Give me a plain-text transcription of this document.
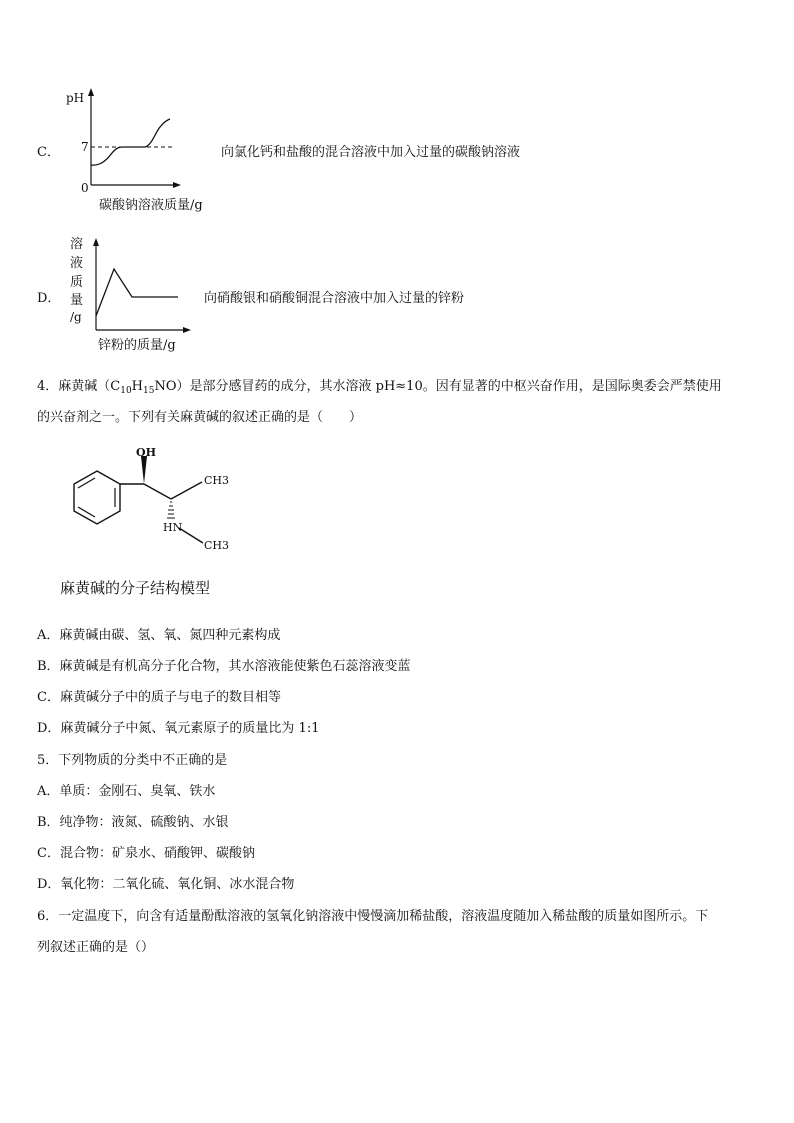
C．
pH
7
0
碳酸钠溶液质量/g
向氯化钙和盐酸的混合溶液中加入过量的碳酸钠溶液
D．
溶
液
质
量
/g
锌粉的质量/g
向硝酸银和硝酸铜混合溶液中加入过量的锌粉
4．麻黄碱$(C_{10}H_{15}NO)$是部分感冒药的成分，其水溶液 pH≈10。因有显著的中枢兴奋作用，是国际奥委会严禁使用
的兴奋剂之一。下列有关麻黄碱的叙述正确的是（　　）
OH
CH3
HN
CH3
麻黄碱的分子结构模型
A．麻黄碱由碳、氢、氧、氮四种元素构成
B．麻黄碱是有机高分子化合物，其水溶液能使紫色石蕊溶液变蓝
C．麻黄碱分子中的质子与电子的数目相等
D．麻黄碱分子中氮、氧元素原子的质量比为 1:1
5．下列物质的分类中不正确的是
A．单质：金刚石、臭氧、铁水
B．纯净物：液氮、硫酸钠、水银
C．混合物：矿泉水、硝酸钾、碳酸钠
D．氧化物：二氧化硫、氧化铜、冰水混合物
6．一定温度下，向含有适量酚酞溶液的氢氧化钠溶液中慢慢滴加稀盐酸，溶液温度随加入稀盐酸的质量如图所示。下
列叙述正确的是（）
